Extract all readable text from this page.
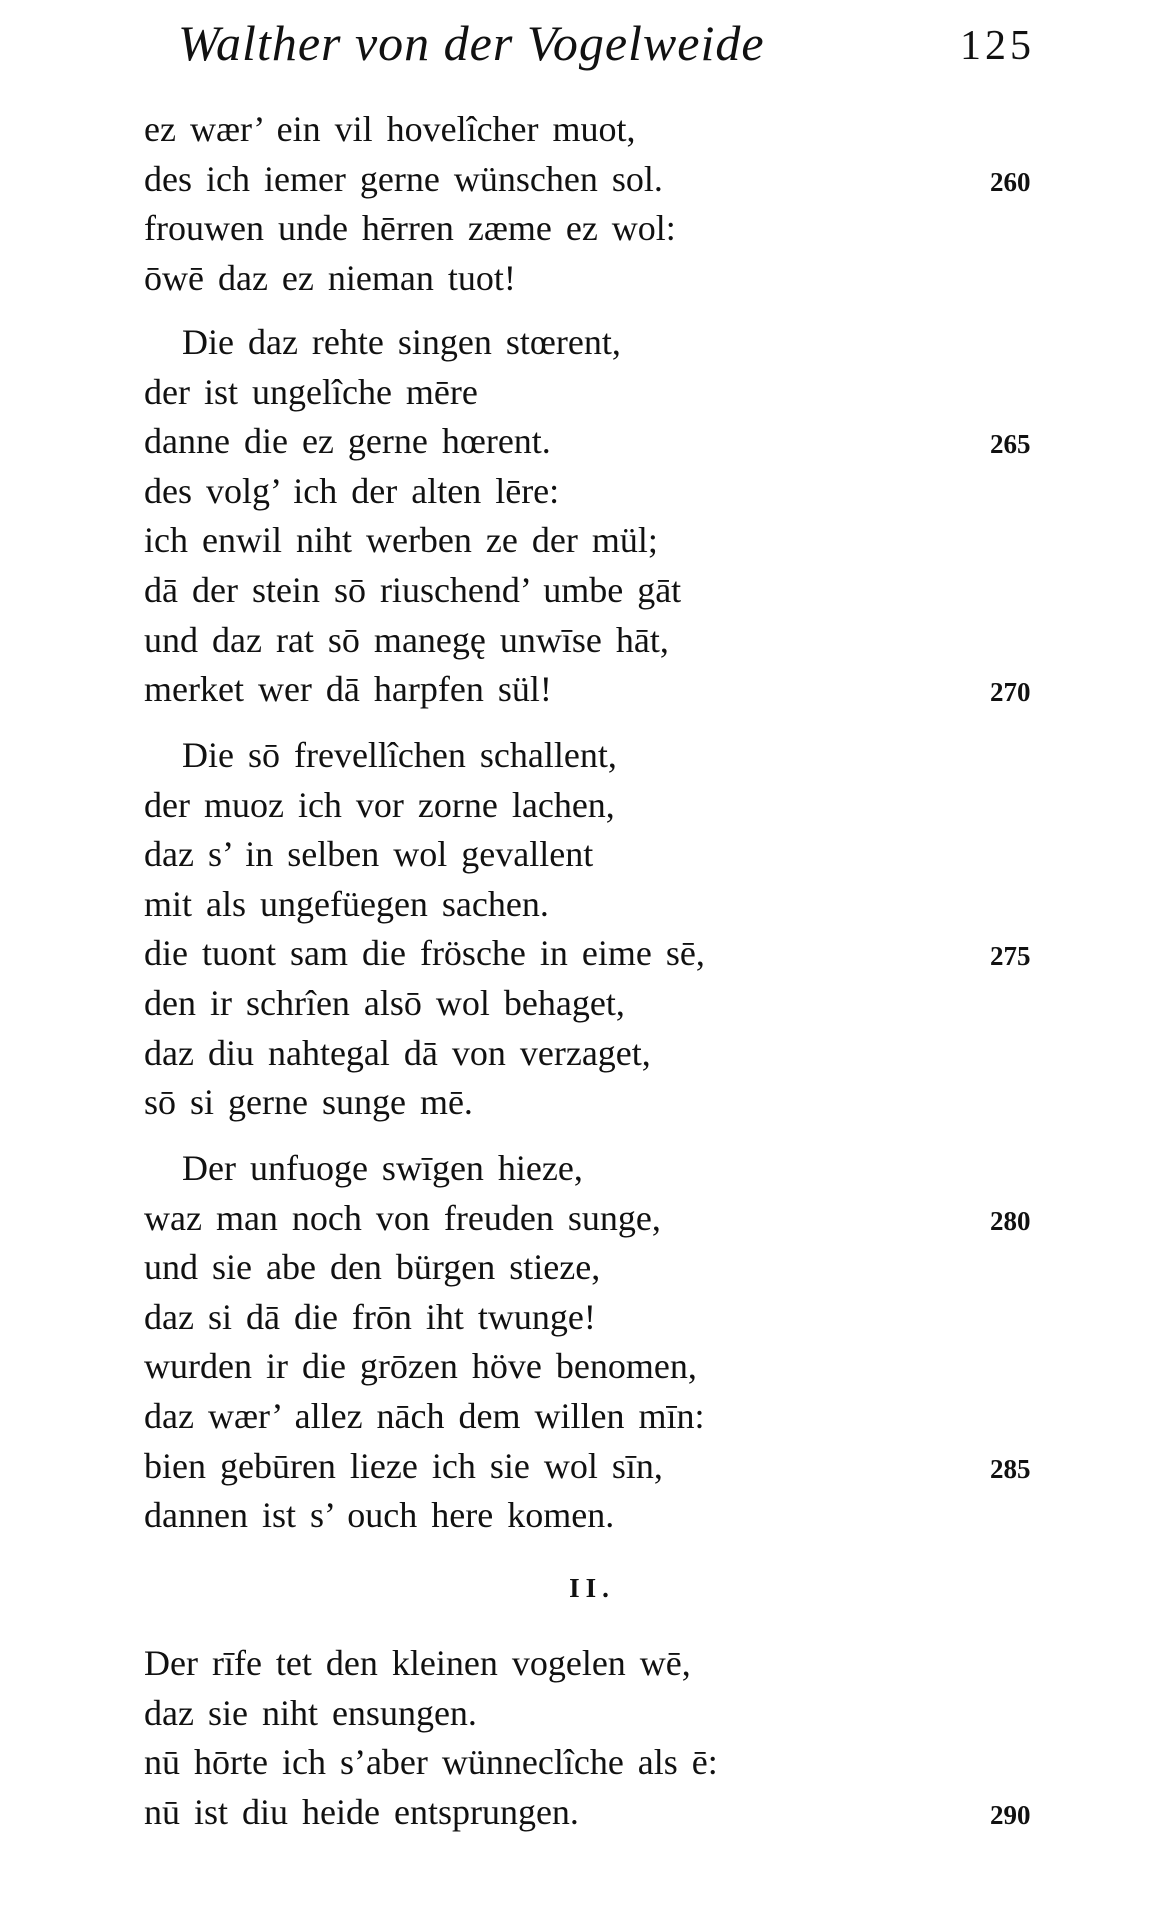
Walther von der Vogelweide	125
ez wær’ ein vil hovelîcher muot,
des ich iemer gerne wünschen sol.	260
frouwen unde hērren zæme ez wol:
ōwē daz ez nieman tuot!
Die daz rehte singen stœrent,
der ist ungelîche mēre
danne die ez gerne hœrent.	265
des volg’ ich der alten lēre:
ich enwil niht werben ze der mül;
dā der stein sō riuschend’ umbe gāt
und daz rat sō manegę unwīse hāt,
merket wer dā harpfen sül!	270
Die sō frevellîchen schallent,
der muoz ich vor zorne lachen,
daz s’ in selben wol gevallent
mit als ungefüegen sachen.
die tuont sam die frösche in eime sē,	275
den ir schrîen alsō wol behaget,
daz diu nahtegal dā von verzaget,
sō si gerne sunge mē.
Der unfuoge swīgen hieze,
waz man noch von freuden sunge,	280
und sie abe den bürgen stieze,
daz si dā die frōn iht twunge!
wurden ir die grōzen höve benomen,
daz wær’ allez nāch dem willen mīn:
bien gebūren lieze ich sie wol sīn,	285
dannen ist s’ ouch here komen.
II.
Der rīfe tet den kleinen vogelen wē,
daz sie niht ensungen.
nū hōrte ich s’aber wünneclîche als ē:
nū ist diu heide entsprungen.	290
